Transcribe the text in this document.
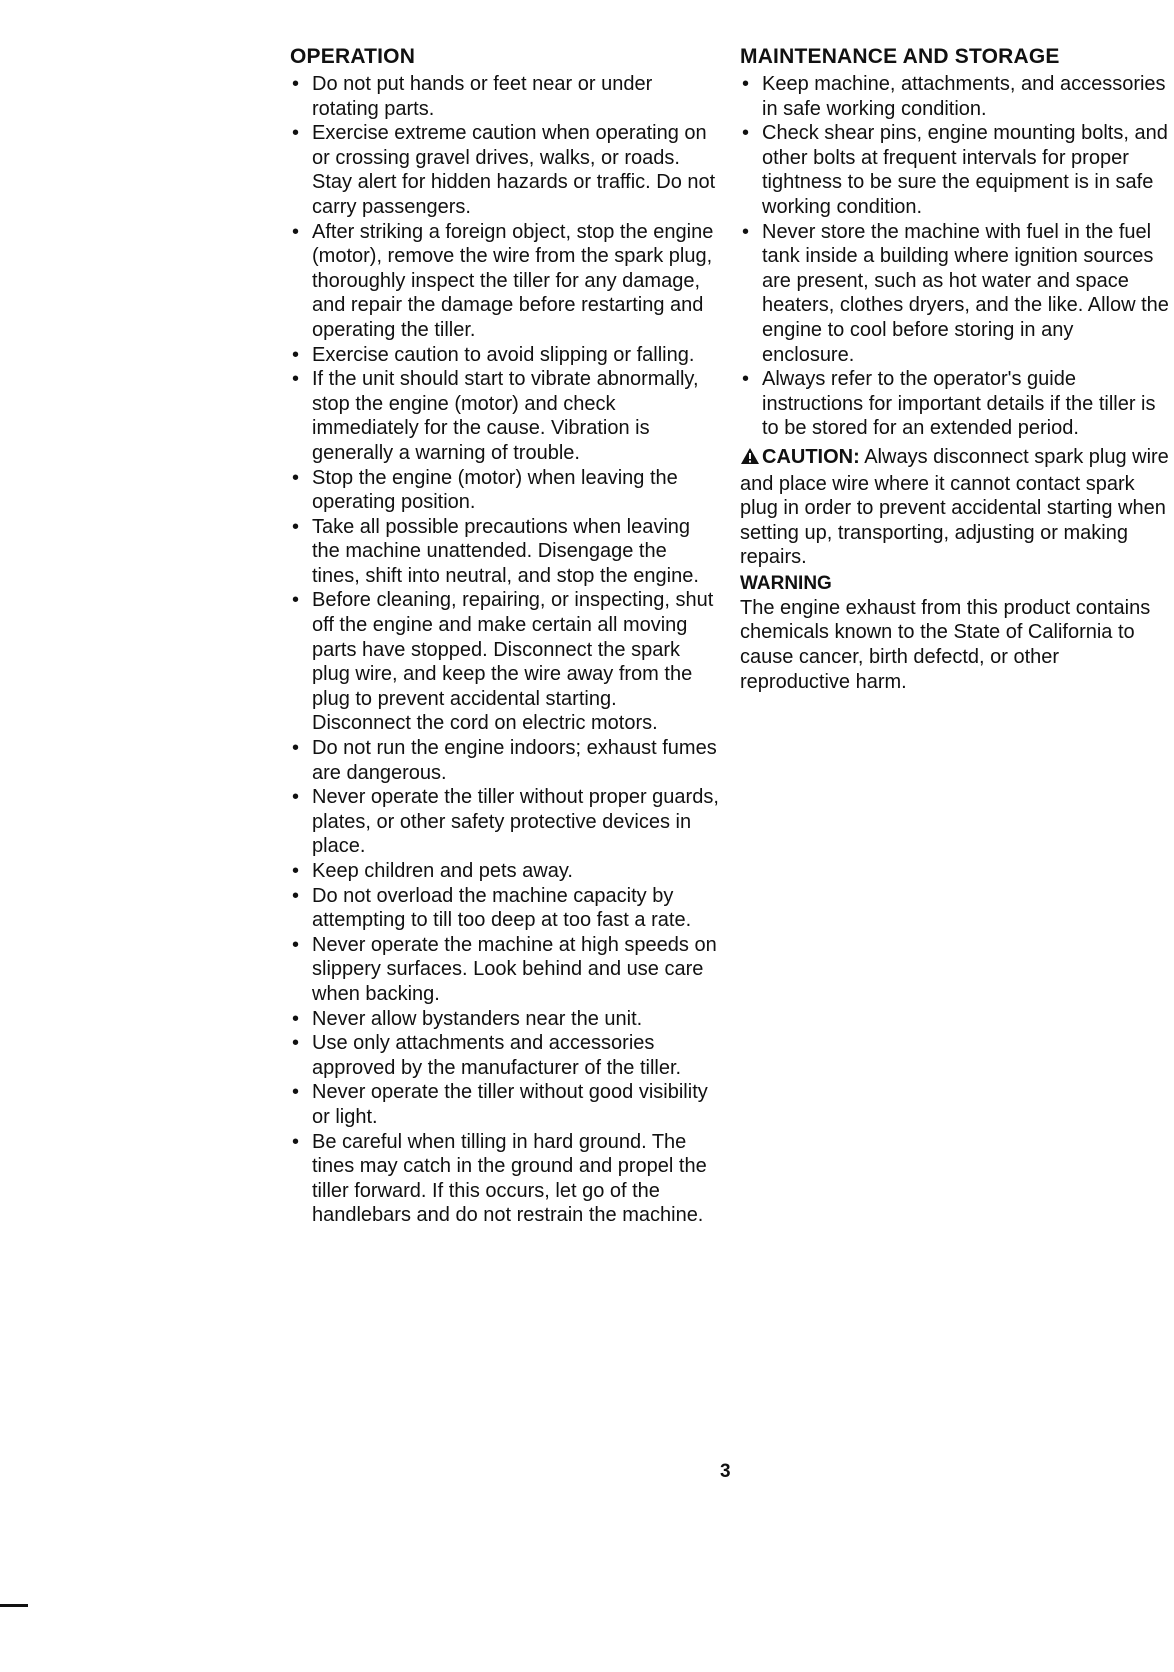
OPERATION
• Do not put hands or feet near or under rotating parts.
• Exercise extreme caution when operating on or crossing gravel drives, walks, or roads. Stay alert for hidden hazards or traffic. Do not carry passengers.
• After striking a foreign object, stop the engine (motor), remove the wire from the spark plug, thoroughly inspect the tiller for any damage, and repair the damage before restarting and operating the tiller.
• Exercise caution to avoid slipping or falling.
• If the unit should start to vibrate abnormally, stop the engine (motor) and check immediately for the cause. Vibration is generally a warning of trouble.
• Stop the engine (motor) when leaving the operating position.
• Take all possible precautions when leaving the machine unattended. Disengage the tines, shift into neutral, and stop the engine.
• Before cleaning, repairing, or inspecting, shut off the engine and make certain all moving parts have stopped. Disconnect the spark plug wire, and keep the wire away from the plug to prevent accidental starting. Disconnect the cord on electric motors.
• Do not run the engine indoors; exhaust fumes are dangerous.
• Never operate the tiller without proper guards, plates, or other safety protective devices in place.
• Keep children and pets away.
• Do not overload the machine capacity by attempting to till too deep at too fast a rate.
• Never operate the machine at high speeds on slippery surfaces. Look behind and use care when backing.
• Never allow bystanders near the unit.
• Use only attachments and accessories approved by the manufacturer of the tiller.
• Never operate the tiller without good visibility or light.
• Be careful when tilling in hard ground. The tines may catch in the ground and propel the tiller forward. If this occurs, let go of the handlebars and do not restrain the machine.
MAINTENANCE AND STORAGE
• Keep machine, attachments, and accessories in safe working condition.
• Check shear pins, engine mounting bolts, and other bolts at frequent intervals for proper tightness to be sure the equipment is in safe working condition.
• Never store the machine with fuel in the fuel tank inside a building where ignition sources are present, such as hot water and space heaters, clothes dryers, and the like. Allow the engine to cool before storing in any enclosure.
• Always refer to the operator's guide instructions for important details if the tiller is to be stored for an extended period.
CAUTION: Always disconnect spark plug wire and place wire where it cannot contact spark plug in order to prevent accidental starting when setting up, transporting, adjusting or making repairs.
WARNING
The engine exhaust from this product contains chemicals known to the State of California to cause cancer, birth defectd, or other reproductive harm.
3
